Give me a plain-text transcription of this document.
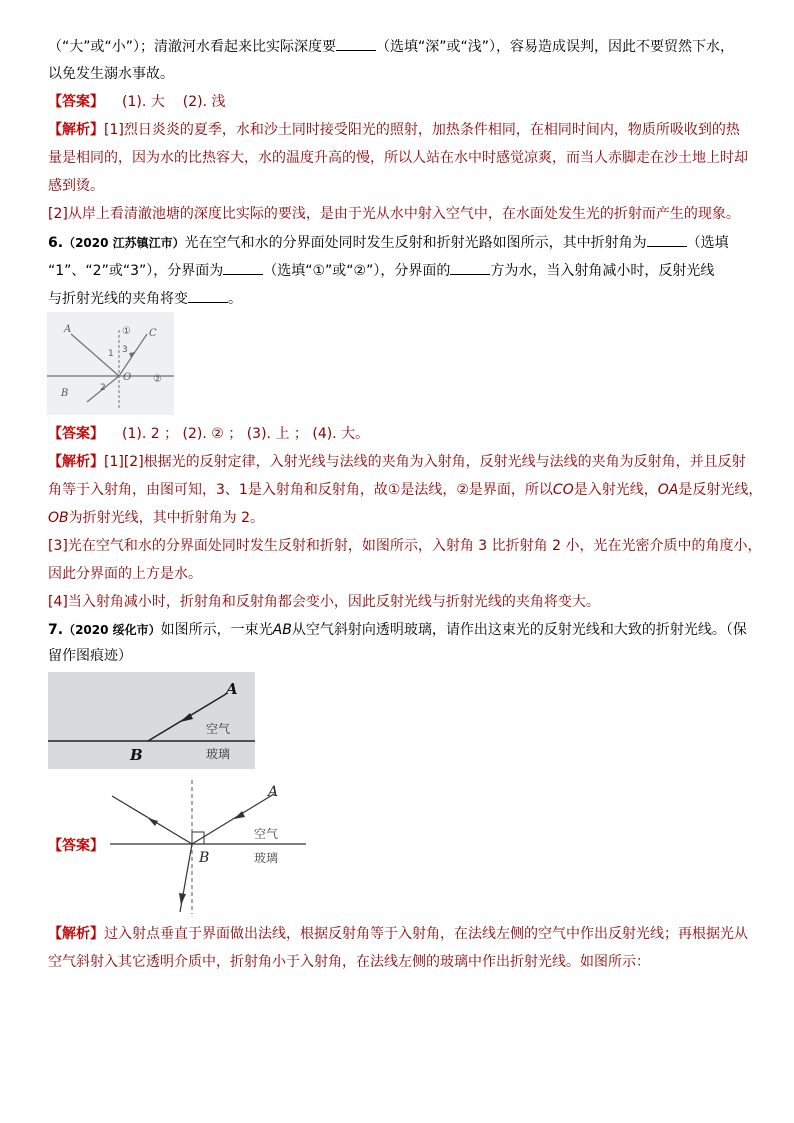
（“大”或“小”）；清澈河水看起来比实际深度要	（选填“深”或“浅”），容易造成误判，因此不要贸然下水，
以免发生溺水事故。
【答案】 (1). 大 (2). 浅
【解析】[1]烈日炎炎的夏季，水和沙土同时接受阳光的照射，加热条件相同，在相同时间内，物质所吸收到的热
量是相同的，因为水的比热容大，水的温度升高的慢，所以人站在水中时感觉凉爽，而当人赤脚走在沙土地上时却
感到烫。
[2]从岸上看清澈池塘的深度比实际的要浅，是由于光从水中射入空气中，在水面处发生光的折射而产生的现象。
6.（2020 江苏镇江市）光在空气和水的分界面处同时发生反射和折射光路如图所示，其中折射角为	（选填
“1”、“2”或“3”），分界面为	（选填“①”或“②”），分界面的	方为水，当入射角减小时，反射光线
与折射光线的夹角将变	。
A	C
B
O
①
②
1 3
2
【答案】 (1). 2 ； (2). ② ； (3). 上 ； (4). 大。
【解析】[1][2]根据光的反射定律，入射光线与法线的夹角为入射角，反射光线与法线的夹角为反射角，并且反射
角等于入射角，由图可知，3、1是入射角和反射角，故①是法线，②是界面，所以CO是入射光线，OA是反射光线，
OB为折射光线，其中折射角为 2。
[3]光在空气和水的分界面处同时发生反射和折射，如图所示，入射角 3 比折射角 2 小，光在光密介质中的角度小，
因此分界面的上方是水。
[4]当入射角减小时，折射角和反射角都会变小，因此反射光线与折射光线的夹角将变大。
7.（2020 绥化市）如图所示，一束光AB从空气斜射向透明玻璃，请作出这束光的反射光线和大致的折射光线。（保
留作图痕迹）
A
B
空气
玻璃
【答案】
A
B
空气
玻璃
【解析】过入射点垂直于界面做出法线，根据反射角等于入射角，在法线左侧的空气中作出反射光线；再根据光从
空气斜射入其它透明介质中，折射角小于入射角，在法线左侧的玻璃中作出折射光线。如图所示：
